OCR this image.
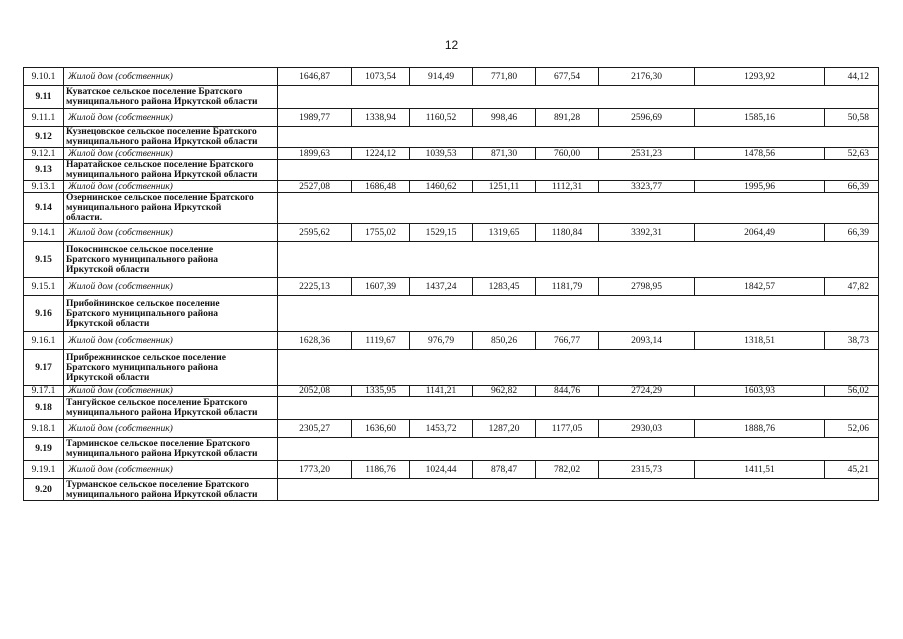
12
9.10.1	Жилой дом (собственник)	1646,87	1073,54	914,49	771,80	677,54	2176,30	1293,92	44,12
9.11	Куватское сельское поселение Братского
муниципального района Иркутской области								
9.11.1	Жилой дом (собственник)	1989,77	1338,94	1160,52	998,46	891,28	2596,69	1585,16	50,58
9.12	Кузнецовское сельское поселение Братского
муниципального района Иркутской области								
9.12.1	Жилой дом (собственник)	1899,63	1224,12	1039,53	871,30	760,00	2531,23	1478,56	52,63
9.13	Наратайское сельское поселение Братского
муниципального района Иркутской области								
9.13.1	Жилой дом (собственник)	2527,08	1686,48	1460,62	1251,11	1112,31	3323,77	1995,96	66,39
9.14	Озернинское сельское поселение Братского
муниципального района Иркутской
области.								
9.14.1	Жилой дом (собственник)	2595,62	1755,02	1529,15	1319,65	1180,84	3392,31	2064,49	66,39
9.15	Покоснинское сельское поселение
Братского муниципального района
Иркутской области								
9.15.1	Жилой дом (собственник)	2225,13	1607,39	1437,24	1283,45	1181,79	2798,95	1842,57	47,82
9.16	Прибойнинское сельское поселение
Братского муниципального района
Иркутской области								
9.16.1	Жилой дом (собственник)	1628,36	1119,67	976,79	850,26	766,77	2093,14	1318,51	38,73
9.17	Прибрежнинское сельское поселение
Братского муниципального района
Иркутской области								
9.17.1	Жилой дом (собственник)	2052,08	1335,95	1141,21	962,82	844,76	2724,29	1603,93	56,02
9.18	Тангуйское сельское поселение Братского
муниципального района Иркутской области								
9.18.1	Жилой дом (собственник)	2305,27	1636,60	1453,72	1287,20	1177,05	2930,03	1888,76	52,06
9.19	Тарминское сельское поселение Братского
муниципального района Иркутской области								
9.19.1	Жилой дом (собственник)	1773,20	1186,76	1024,44	878,47	782,02	2315,73	1411,51	45,21
9.20	Турманское сельское поселение Братского
муниципального района Иркутской области								
